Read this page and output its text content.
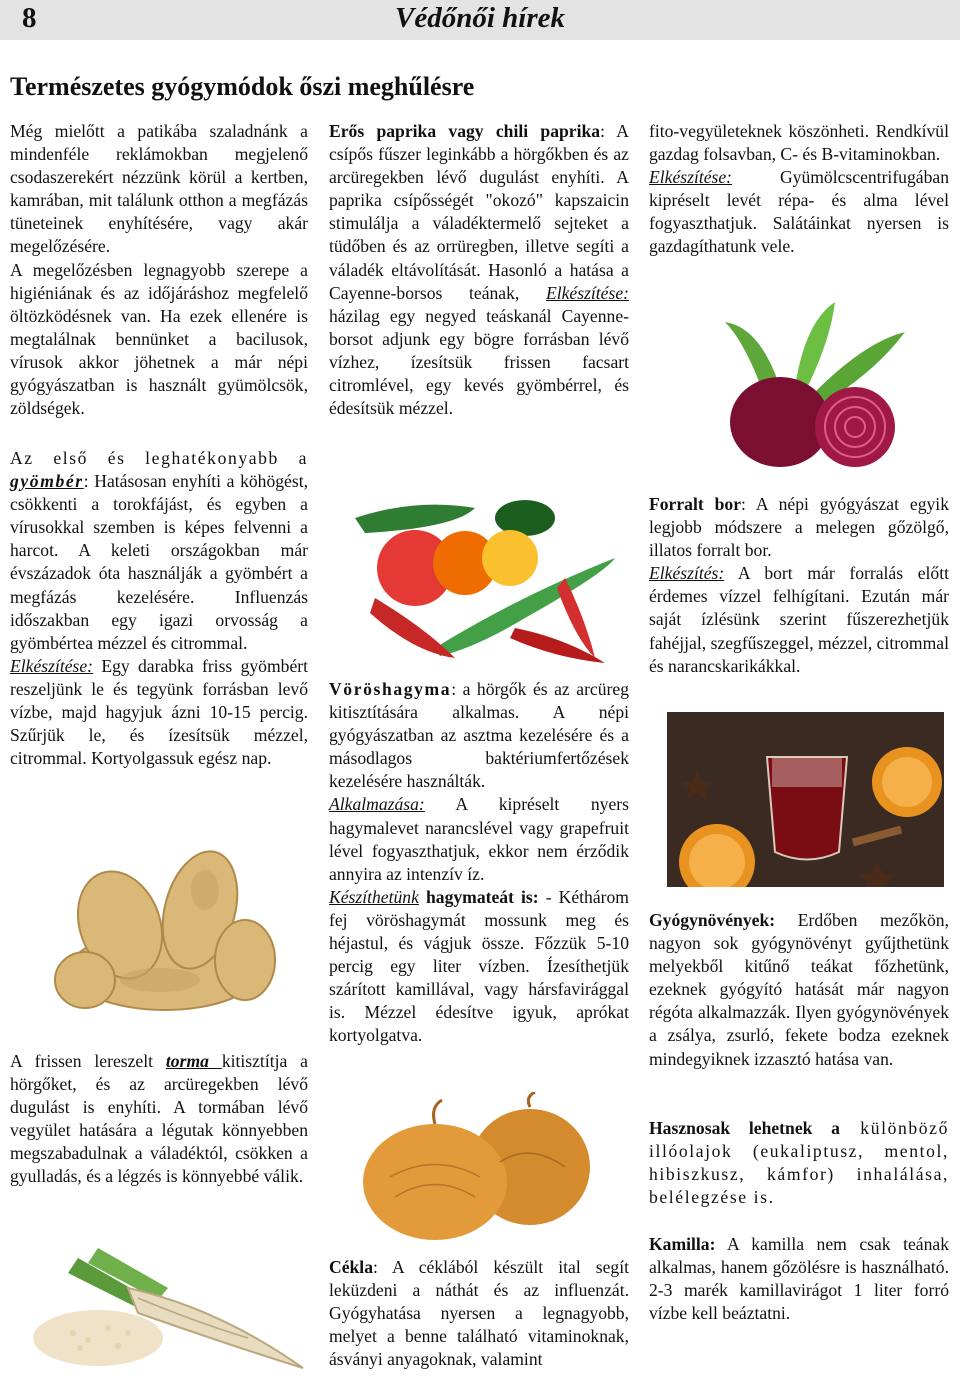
8	Védőnői hírek
Természetes gyógymódok őszi meghűlésre

Még mielőtt a patikába szaladnánk a mindenféle reklámokban megjelenő csodaszerekért nézzünk körül a kertben, kamrában, mit találunk otthon a megfázás tüneteinek enyhítésére, vagy akár megelőzésére.

A megelőzésben legnagyobb szerepe a higiéniának és az időjáráshoz megfelelő öltözködésnek van. Ha ezek ellenére is megtalálnak bennünket a bacilusok, vírusok akkor jöhetnek a már népi gyógyászatban is használt gyümölcsök, zöldségek.

Az első és leghatékonyabb a gyömbér: Hatásosan enyhíti a köhögést, csökkenti a torokfájást, és egyben a vírusokkal szemben is képes felvenni a harcot. A keleti országokban már évszázadok óta használják a gyömbért a megfázás kezelésére. Influenzás időszakban egy igazi orvosság a gyömbértea mézzel és citrommal.

Elkészítése: Egy darabka friss gyömbért reszeljünk le és tegyünk forrásban levő vízbe, majd hagyjuk ázni 10-15 percig. Szűrjük le, és ízesítsük mézzel, citrommal. Kortyolgassuk egész nap.

A frissen lereszelt torma kitisztítja a hörgőket, és az arcüregekben lévő dugulást is enyhíti. A tormában lévő vegyület hatására a légutak könnyebben megszabadulnak a váladéktól, csökken a gyulladás, és a légzés is könnyebbé válik.

Erős paprika vagy chili paprika: A csípős fűszer leginkább a hörgőkben és az arcüregekben lévő dugulást enyhíti. A paprika csípősségét "okozó" kapszaicin stimulálja a váladéktermelő sejteket a tüdőben és az orrüregben, illetve segíti a váladék eltávolítását. Hasonló a hatása a Cayenne-borsos teának, Elkészítése: házilag egy negyed teáskanál Cayenne-borsot adjunk egy bögre forrásban lévő vízhez, ízesítsük frissen facsart citromlével, egy kevés gyömbérrel, és édesítsük mézzel.

Vöröshagyma: a hörgők és az arcüreg kitisztítására alkalmas. A népi gyógyászatban az asztma kezelésére és a másodlagos baktériumfertőzések kezelésére használták.

Alkalmazása: A kipréselt nyers hagymalevet narancslével vagy grapefruit lével fogyaszthatjuk, ekkor nem érződik annyira az intenzív íz.

Készíthetünk hagymateát is: - Kéthárom fej vöröshagymát mossunk meg és héjastul, és vágjuk össze. Főzzük 5-10 percig egy liter vízben. Ízesíthetjük szárított kamillával, vagy hársfavirággal is. Mézzel édesítve igyuk, aprókat kortyolgatva.

Cékla: A céklából készült ital segít leküzdeni a náthát és az influenzát. Gyógyhatása nyersen a legnagyobb, melyet a benne található vitaminoknak, ásványi anyagoknak, valamint

fito-vegyületeknek köszönheti. Rendkívül gazdag folsavban, C- és B-vitaminokban.

Elkészítése: Gyümölcscentrifugában kipréselt levét répa- és alma lével fogyaszthatjuk. Salátáinkat nyersen is gazdagíthatunk vele.

Forralt bor: A népi gyógyászat egyik legjobb módszere a melegen gőzölgő, illatos forralt bor.

Elkészítés: A bort már forralás előtt érdemes vízzel felhígítani. Ezután már saját ízlésünk szerint fűszerezhetjük fahéjjal, szegfűszeggel, mézzel, citrommal és narancskarikákkal.

Gyógynövények: Erdőben mezőkön, nagyon sok gyógynövényt gyűjthetünk melyekből kitűnő teákat főzhetünk, ezeknek gyógyító hatását már nagyon régóta alkalmazzák. Ilyen gyógynövények a zsálya, zsurló, fekete bodza ezeknek mindegyiknek izzasztó hatása van.

Hasznosak lehetnek a különböző illóolajok (eukaliptusz, mentol, hibiszkusz, kámfor) inhalálása, belélegzése is.

Kamilla: A kamilla nem csak teának alkalmas, hanem gőzölésre is használható. 2-3 marék kamillavirágot 1 liter forró vízbe kell beáztatni.
